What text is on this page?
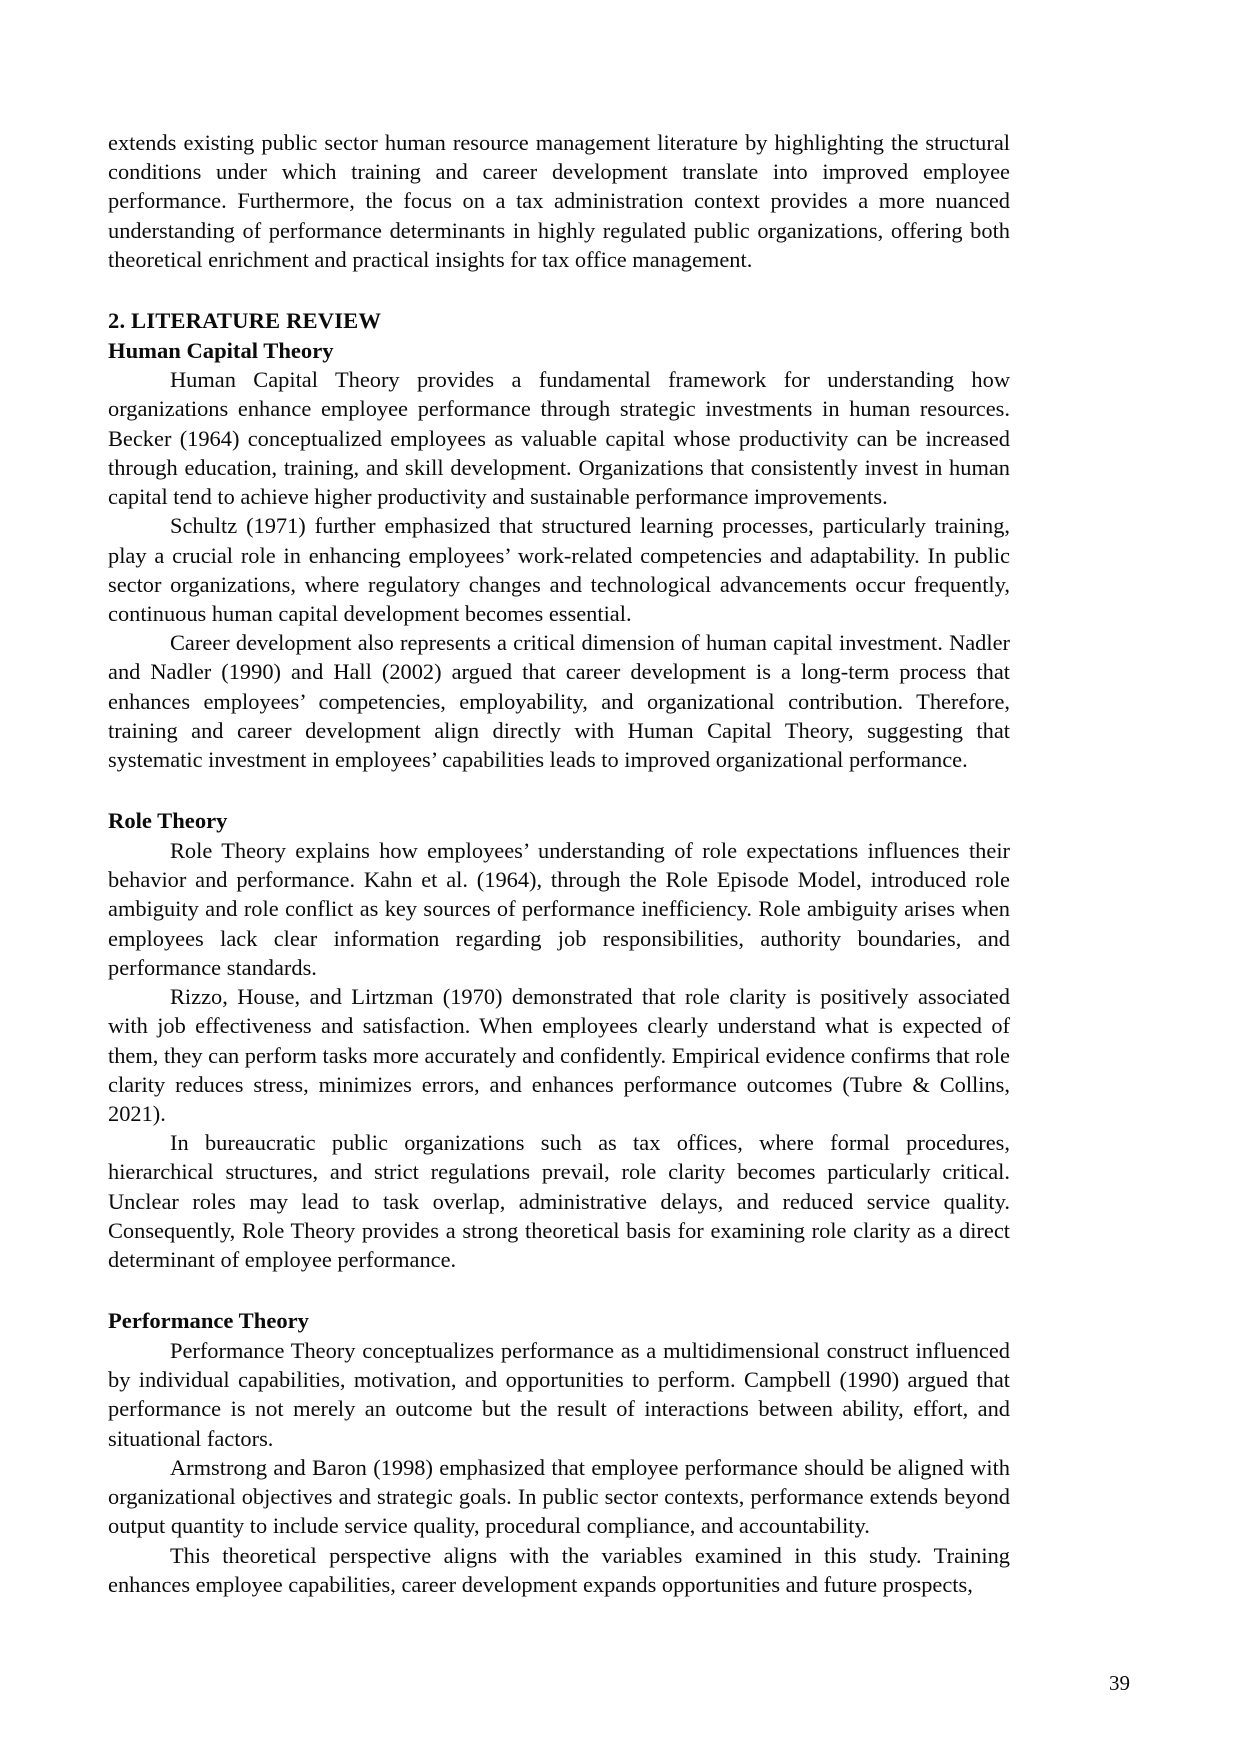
extends existing public sector human resource management literature by highlighting the structural conditions under which training and career development translate into improved employee performance. Furthermore, the focus on a tax administration context provides a more nuanced understanding of performance determinants in highly regulated public organizations, offering both theoretical enrichment and practical insights for tax office management.

2. LITERATURE REVIEW
Human Capital Theory

Human Capital Theory provides a fundamental framework for understanding how organizations enhance employee performance through strategic investments in human resources. Becker (1964) conceptualized employees as valuable capital whose productivity can be increased through education, training, and skill development. Organizations that consistently invest in human capital tend to achieve higher productivity and sustainable performance improvements.

Schultz (1971) further emphasized that structured learning processes, particularly training, play a crucial role in enhancing employees’ work-related competencies and adaptability. In public sector organizations, where regulatory changes and technological advancements occur frequently, continuous human capital development becomes essential.

Career development also represents a critical dimension of human capital investment. Nadler and Nadler (1990) and Hall (2002) argued that career development is a long-term process that enhances employees’ competencies, employability, and organizational contribution. Therefore, training and career development align directly with Human Capital Theory, suggesting that systematic investment in employees’ capabilities leads to improved organizational performance.

Role Theory

Role Theory explains how employees’ understanding of role expectations influences their behavior and performance. Kahn et al. (1964), through the Role Episode Model, introduced role ambiguity and role conflict as key sources of performance inefficiency. Role ambiguity arises when employees lack clear information regarding job responsibilities, authority boundaries, and performance standards.

Rizzo, House, and Lirtzman (1970) demonstrated that role clarity is positively associated with job effectiveness and satisfaction. When employees clearly understand what is expected of them, they can perform tasks more accurately and confidently. Empirical evidence confirms that role clarity reduces stress, minimizes errors, and enhances performance outcomes (Tubre & Collins, 2021).

In bureaucratic public organizations such as tax offices, where formal procedures, hierarchical structures, and strict regulations prevail, role clarity becomes particularly critical. Unclear roles may lead to task overlap, administrative delays, and reduced service quality. Consequently, Role Theory provides a strong theoretical basis for examining role clarity as a direct determinant of employee performance.

Performance Theory

Performance Theory conceptualizes performance as a multidimensional construct influenced by individual capabilities, motivation, and opportunities to perform. Campbell (1990) argued that performance is not merely an outcome but the result of interactions between ability, effort, and situational factors.

Armstrong and Baron (1998) emphasized that employee performance should be aligned with organizational objectives and strategic goals. In public sector contexts, performance extends beyond output quantity to include service quality, procedural compliance, and accountability.

This theoretical perspective aligns with the variables examined in this study. Training enhances employee capabilities, career development expands opportunities and future prospects,

39
